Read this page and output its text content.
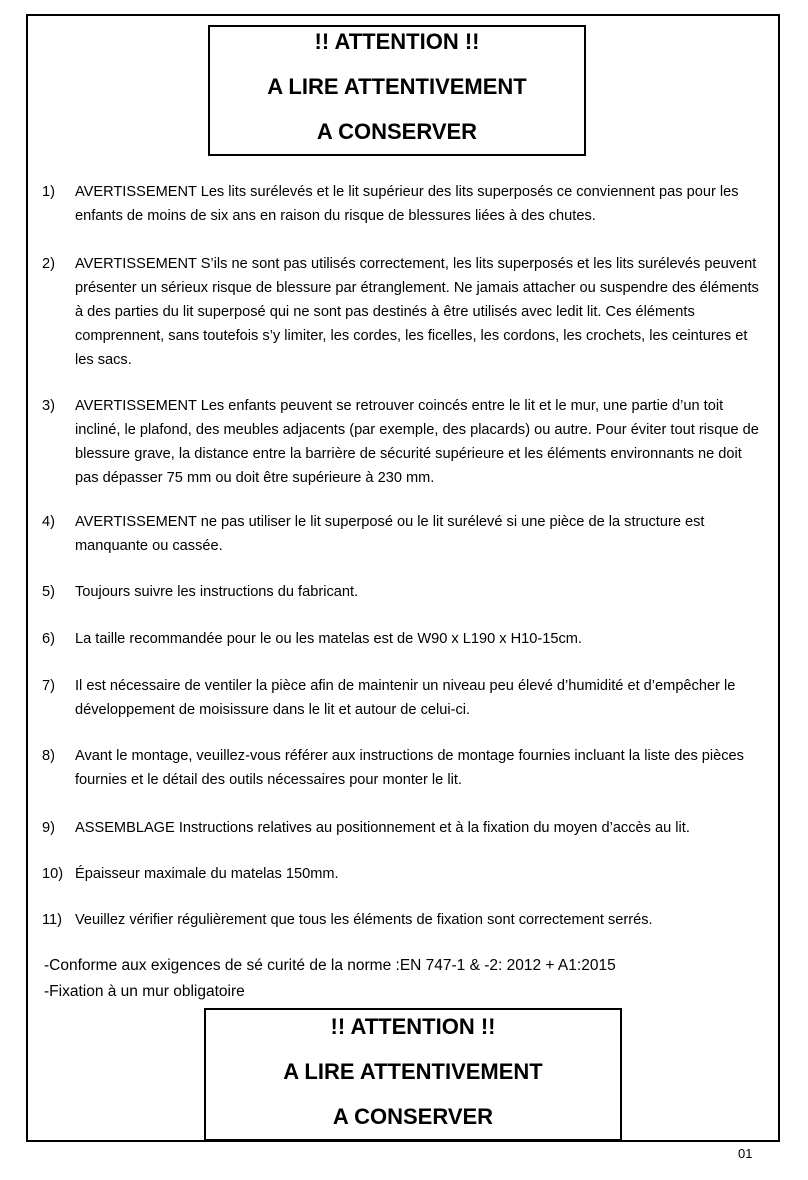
!! ATTENTION !!
A LIRE ATTENTIVEMENT
A CONSERVER
1)	AVERTISSEMENT Les lits surélevés et le lit supérieur des lits superposés ce conviennent pas pour les enfants de moins de six ans en raison du risque de blessures liées à des chutes.
2)	AVERTISSEMENT S’ils ne sont pas utilisés correctement, les lits superposés et les lits surélevés peuvent présenter un sérieux risque de blessure par étranglement. Ne jamais attacher ou suspendre des éléments à des parties du lit superposé qui ne sont pas destinés à être utilisés avec ledit lit. Ces éléments comprennent, sans toutefois s’y limiter, les cordes, les ficelles, les cordons, les crochets, les ceintures et les sacs.
3)	AVERTISSEMENT Les enfants peuvent se retrouver coincés entre le lit et le mur, une partie d’un toit incliné, le plafond, des meubles adjacents (par exemple, des placards) ou autre. Pour éviter tout risque de blessure grave, la distance entre la barrière de sécurité supérieure et les éléments environnants ne doit pas dépasser 75 mm ou doit être supérieure à 230 mm.
4)	AVERTISSEMENT ne pas utiliser le lit superposé ou le lit surélevé si une pièce de la structure est manquante ou cassée.
5)	Toujours suivre les instructions du fabricant.
6)	La taille recommandée pour le ou les matelas est de W90 x L190 x H10-15cm.
7)	Il est nécessaire de ventiler la pièce afin de maintenir un niveau peu élevé d’humidité et d’empêcher le développement de moisissure dans le lit et autour de celui-ci.
8)	Avant le montage, veuillez-vous référer aux instructions de montage fournies incluant la liste des pièces fournies et le détail des outils nécessaires pour monter le lit.
9)	ASSEMBLAGE Instructions relatives au positionnement et à la fixation du moyen d’accès au lit.
10) Épaisseur maximale du matelas 150mm.
11) Veuillez vérifier régulièrement que tous les éléments de fixation sont correctement serrés.
-Conforme aux exigences de sé curité de la norme :EN 747-1 & -2: 2012 + A1:2015
-Fixation à un mur obligatoire
!! ATTENTION !!
A LIRE ATTENTIVEMENT
A CONSERVER
01
